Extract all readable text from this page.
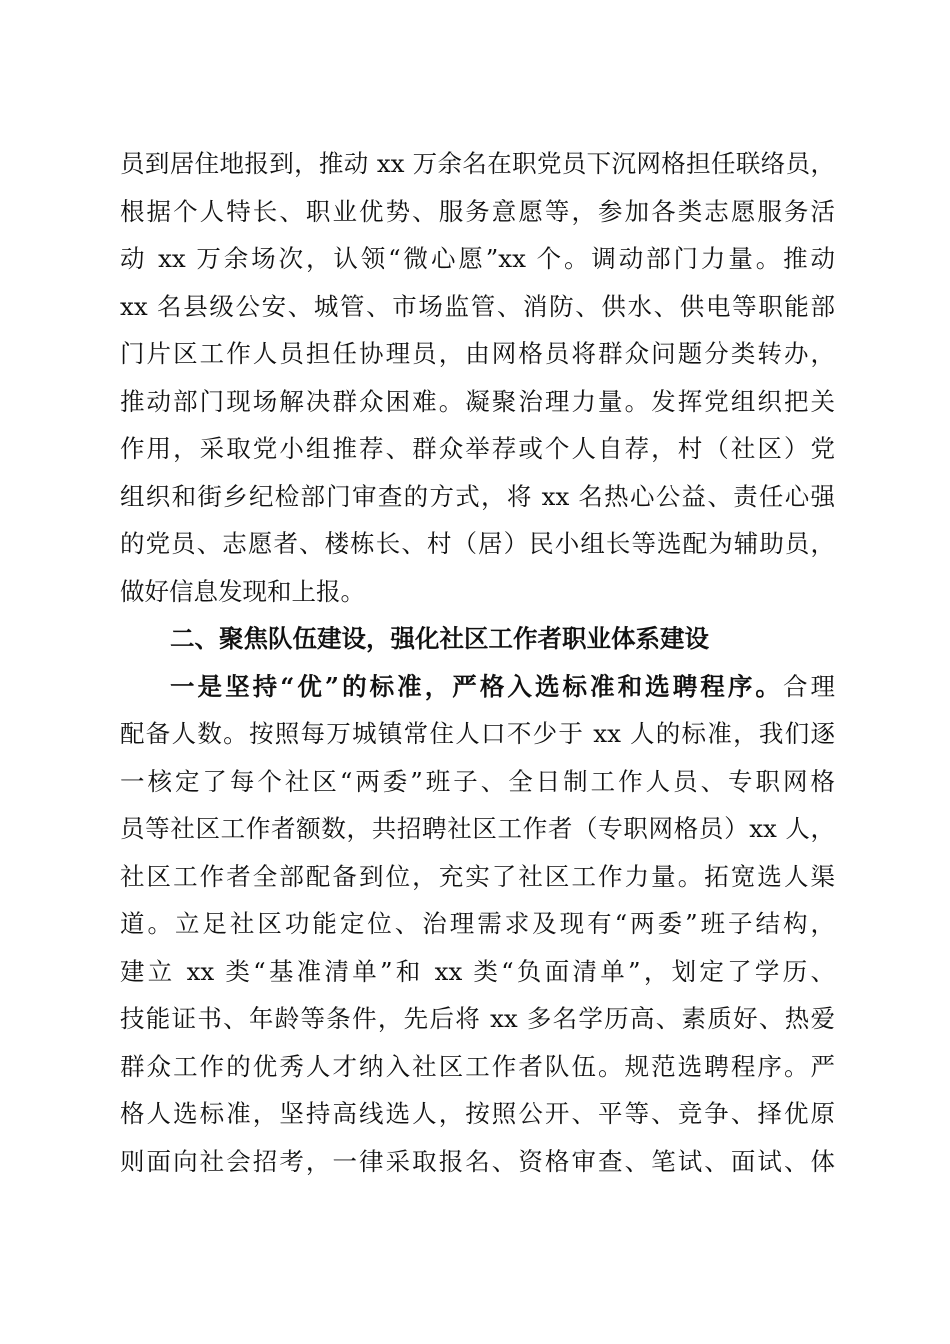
员到居住地报到，推动 xx 万余名在职党员下沉网格担任联络员，
根据个人特长、职业优势、服务意愿等，参加各类志愿服务活
动 xx 万余场次，认领“微心愿”xx 个。调动部门力量。推动
xx 名县级公安、城管、市场监管、消防、供水、供电等职能部
门片区工作人员担任协理员，由网格员将群众问题分类转办，
推动部门现场解决群众困难。凝聚治理力量。发挥党组织把关
作用，采取党小组推荐、群众举荐或个人自荐，村（社区）党
组织和街乡纪检部门审查的方式，将 xx 名热心公益、责任心强
的党员、志愿者、楼栋长、村（居）民小组长等选配为辅助员，
做好信息发现和上报。
二、聚焦队伍建设，强化社区工作者职业体系建设
一是坚持“优”的标准，严格入选标准和选聘程序。合理
配备人数。按照每万城镇常住人口不少于 xx 人的标准，我们逐
一核定了每个社区“两委”班子、全日制工作人员、专职网格
员等社区工作者额数，共招聘社区工作者（专职网格员）xx 人，
社区工作者全部配备到位，充实了社区工作力量。拓宽选人渠
道。立足社区功能定位、治理需求及现有“两委”班子结构，
建立 xx 类“基准清单”和 xx 类“负面清单”，划定了学历、
技能证书、年龄等条件，先后将 xx 多名学历高、素质好、热爱
群众工作的优秀人才纳入社区工作者队伍。规范选聘程序。严
格人选标准，坚持高线选人，按照公开、平等、竞争、择优原
则面向社会招考，一律采取报名、资格审查、笔试、面试、体
